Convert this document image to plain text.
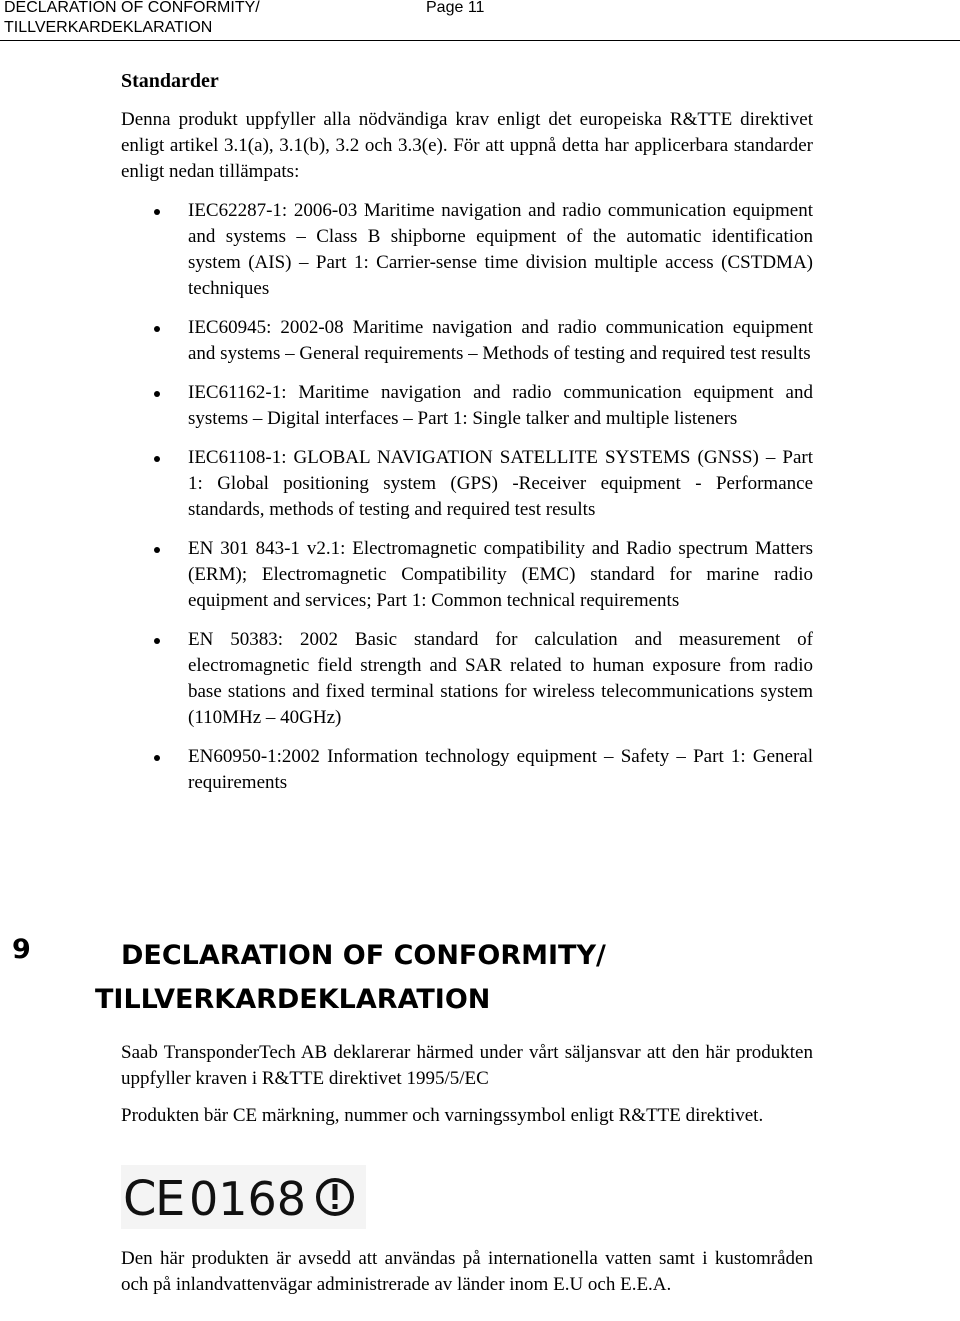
DECLARATION OF CONFORMITY/
TILLVERKARDEKLARATION
Page 11
Standarder
Denna produkt uppfyller alla nödvändiga krav enligt det europeiska R&TTE direktivet enligt artikel 3.1(a), 3.1(b), 3.2 och 3.3(e). För att uppnå detta har applicerbara standarder enligt nedan tillämpats:
IEC62287-1: 2006-03 Maritime navigation and radio communication equipment and systems – Class B shipborne equipment of the automatic identification system (AIS) – Part 1: Carrier-sense time division multiple access (CSTDMA) techniques
IEC60945: 2002-08 Maritime navigation and radio communication equipment and systems – General requirements – Methods of testing and required test results
IEC61162-1: Maritime navigation and radio communication equipment and systems – Digital interfaces – Part 1: Single talker and multiple listeners
IEC61108-1: GLOBAL NAVIGATION SATELLITE SYSTEMS (GNSS) – Part 1: Global positioning system (GPS) -Receiver equipment - Performance standards, methods of testing and required test results
EN 301 843-1 v2.1: Electromagnetic compatibility and Radio spectrum Matters (ERM); Electromagnetic Compatibility (EMC) standard for marine radio equipment and services; Part 1: Common technical requirements
EN 50383: 2002 Basic standard for calculation and measurement of electromagnetic field strength and SAR related to human exposure from radio base stations and fixed terminal stations for wireless telecommunications system (110MHz – 40GHz)
EN60950-1:2002 Information technology equipment – Safety – Part 1: General requirements
9	DECLARATION OF CONFORMITY/
TILLVERKARDEKLARATION
Saab TransponderTech AB deklarerar härmed under vårt säljansvar att den här produkten uppfyller kraven i R&TTE direktivet 1995/5/EC
Produkten bär CE märkning, nummer och varningssymbol enligt R&TTE direktivet.
C
E 0168
Den här produkten är avsedd att användas på internationella vatten samt i kustområden och på inlandvattenvägar administrerade av länder inom E.U och E.E.A.
